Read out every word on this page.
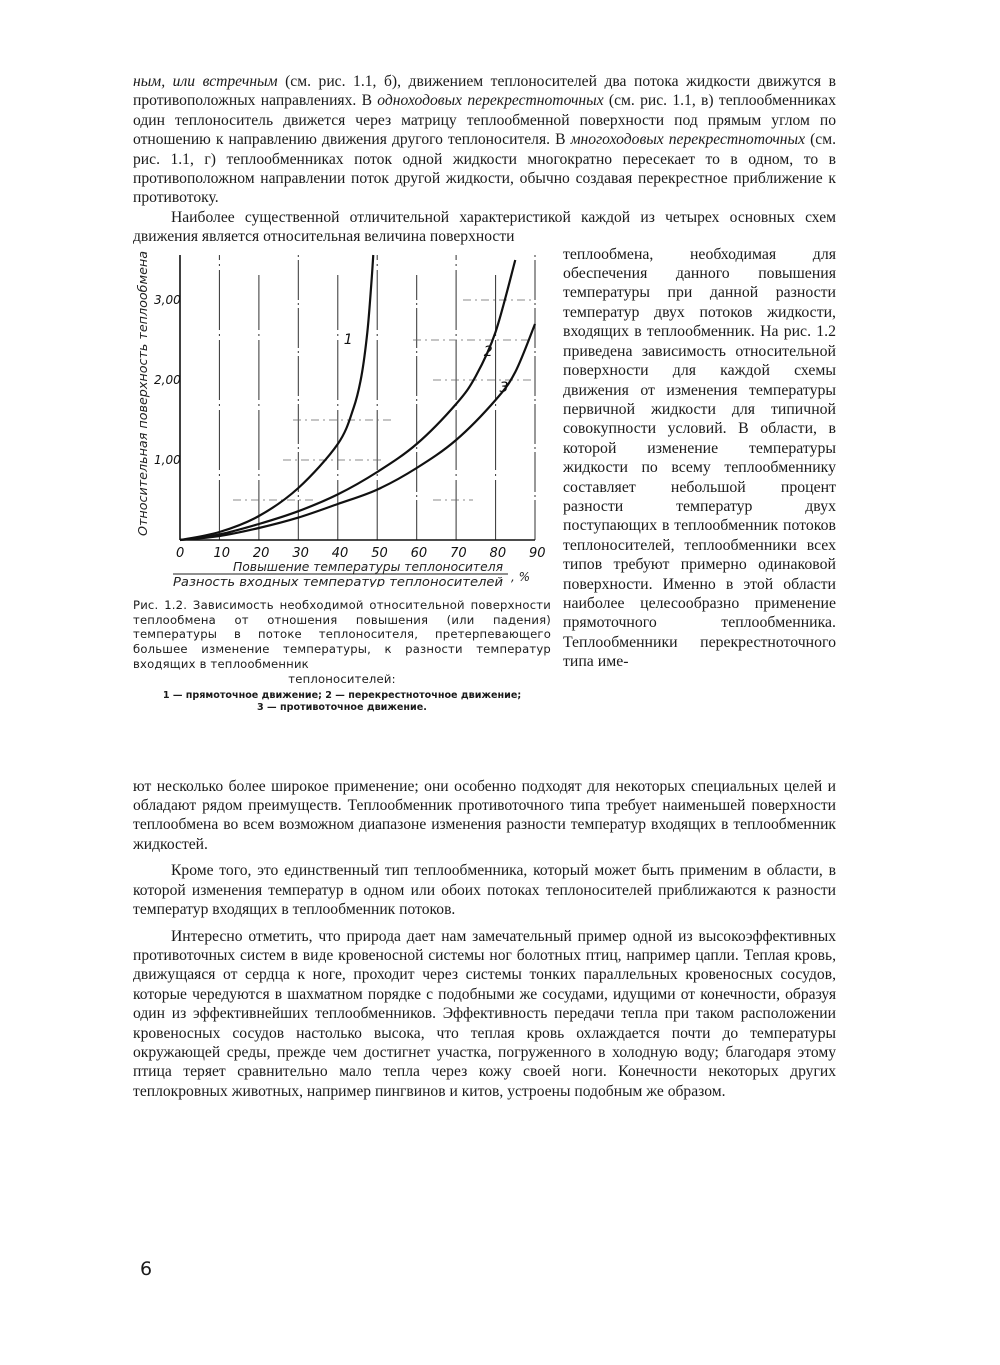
ным, или встречным (см. рис. 1.1, б), движением теплоносителей два потока жидкости движутся в противоположных направлениях. В одноходовых перекрестноточных (см. рис. 1.1, в) теплообменниках один теплоноситель движется через матрицу теплообменной поверхности под прямым углом по отношению к направлению движения другого теплоносителя. В многоходовых перекрестноточных (см. рис. 1.1, г) теплообменниках поток одной жидкости многократно пересекает то в одном, то в противоположном направлении поток другой жидкости, обычно создавая перекрестное приближение к противотоку.

Наиболее существенной отличительной характеристикой каждой из четырех основных схем движения является относительная величина поверхности

0 10 20 30 40 50 60 70 80 90
1,00
2,00
3,00
Относительная поверхность теплообмена
Повышение температуры теплоносителя
Разность входных температур теплоносителей , %
1
2
3
Рис. 1.2. Зависимость необходимой относительной поверхности теплообмена от отношения повышения (или падения) температуры в потоке теплоносителя, претерпевающего большее изменение температуры, к разности температур входящих в теплообменник
теплоносителей:
1 — прямоточное движение; 2 — перекрестноточное движение;
3 — противоточное движение.

теплообмена, необходимая для обеспечения данного повышения температуры при данной разности температур двух потоков жидкости, входящих в теплообменник. На рис. 1.2 приведена зависимость относительной поверхности для каждой схемы движения от изменения температуры первичной жидкости для типичной совокупности условий. В области, в которой изменение температуры жидкости по всему теплообменнику составляет небольшой процент разности температур двух поступающих в теплообменник потоков теплоносителей, теплообменники всех типов требуют примерно одинаковой поверхности. Именно в этой области наиболее целесообразно применение прямоточного теплообменника. Теплообменники перекрестноточного типа име-

ют несколько более широкое применение; они особенно подходят для некоторых специальных целей и обладают рядом преимуществ. Теплообменник противоточного типа требует наименьшей поверхности теплообмена во всем возможном диапазоне изменения разности температур входящих в теплообменник жидкостей.

Кроме того, это единственный тип теплообменника, который может быть применим в области, в которой изменения температур в одном или обоих потоках теплоносителей приближаются к разности температур входящих в теплообменник потоков.

Интересно отметить, что природа дает нам замечательный пример одной из высокоэффективных противоточных систем в виде кровеносной системы ног болотных птиц, например цапли. Теплая кровь, движущаяся от сердца к ноге, проходит через системы тонких параллельных кровеносных сосудов, которые чередуются в шахматном порядке с подобными же сосудами, идущими от конечности, образуя один из эффективнейших теплообменников. Эффективность передачи тепла при таком расположении кровеносных сосудов настолько высока, что теплая кровь охлаждается почти до температуры окружающей среды, прежде чем достигнет участка, погруженного в холодную воду; благодаря этому птица теряет сравнительно мало тепла через кожу своей ноги. Конечности некоторых других теплокровных животных, например пингвинов и китов, устроены подобным же образом.

6
